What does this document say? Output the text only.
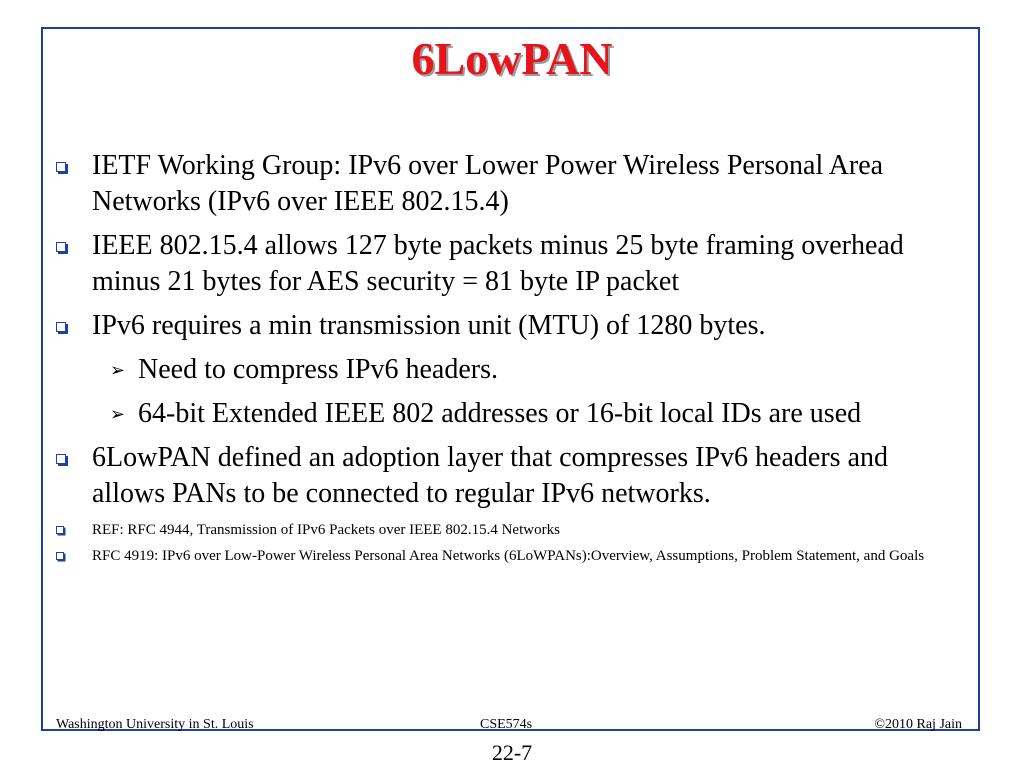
6LowPAN
IETF Working Group: IPv6 over Lower Power Wireless Personal Area Networks (IPv6 over IEEE 802.15.4)
IEEE 802.15.4 allows 127 byte packets minus 25 byte framing overhead minus 21 bytes for AES security = 81 byte IP packet
IPv6 requires a min transmission unit (MTU) of 1280 bytes.
➢ Need to compress IPv6 headers.
➢ 64-bit Extended IEEE 802 addresses or 16-bit local IDs are used
6LowPAN defined an adoption layer that compresses IPv6 headers and allows PANs to be connected to regular IPv6 networks.
REF: RFC 4944, Transmission of IPv6 Packets over IEEE 802.15.4 Networks
RFC 4919: IPv6 over Low-Power Wireless Personal Area Networks (6LoWPANs):Overview, Assumptions, Problem Statement, and Goals
Washington University in St. Louis	CSE574s	©2010 Raj Jain
22-7
